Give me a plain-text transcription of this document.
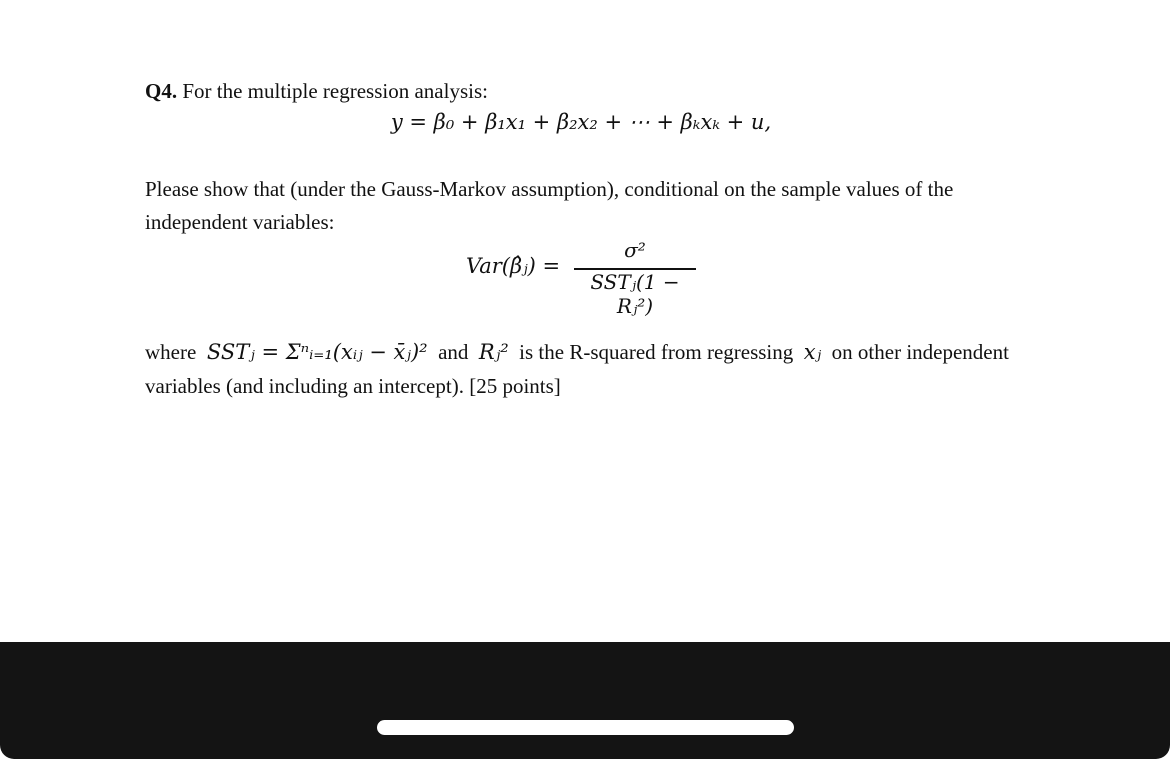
Q4. For the multiple regression analysis:
y = β₀ + β₁x₁ + β₂x₂ + ⋯ + βₖxₖ + u,
Please show that (under the Gauss-Markov assumption), conditional on the sample values of the
independent variables:
Var(β̂ⱼ) =
σ²
SSTⱼ(1 − Rⱼ²)
where SSTⱼ = Σⁿᵢ₌₁(xᵢⱼ − x̄ⱼ)² and Rⱼ² is the R-squared from regressing xⱼ on other independent
variables (and including an intercept). [25 points]
